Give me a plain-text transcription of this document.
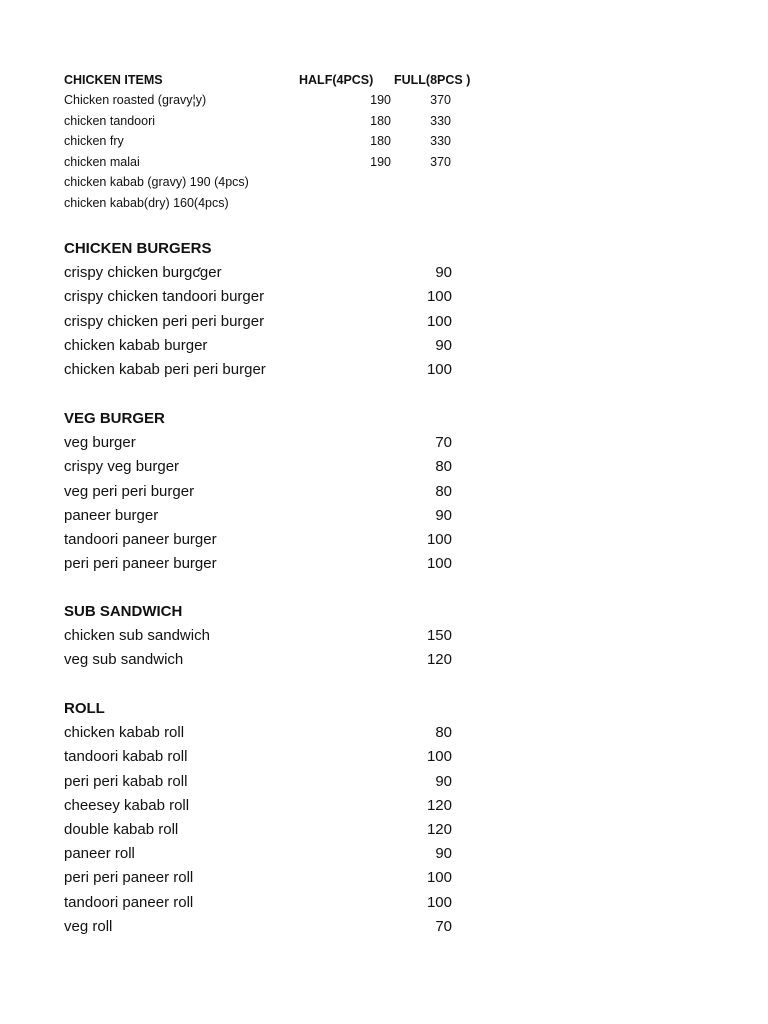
CHICKEN ITEMS	HALF(4PCS) FULL(8PCS )
Chicken roasted (gravy¦y)	190	370
chicken tandoori	180	330
chicken fry	180	330
chicken malai	190	370
chicken kabab (gravy) 190 (4pcs)
chicken kabab(dry) 160(4pcs)
CHICKEN BURGERS
crispy chicken burgƈger	90
crispy chicken tandoori burger	100
crispy chicken peri peri burger	100
chicken kabab burger	90
chicken kabab peri peri burger	100
VEG BURGER
veg burger	70
crispy veg burger	80
veg peri peri burger	80
paneer burger	90
tandoori paneer burger	100
peri peri paneer burger	100
SUB SANDWICH
chicken sub sandwich	150
veg sub sandwich	120
ROLL
chicken kabab roll	80
tandoori kabab roll	100
peri peri kabab roll	90
cheesey kabab roll	120
double kabab roll	120
paneer roll	90
peri peri paneer roll	100
tandoori paneer roll	100
veg roll	70
